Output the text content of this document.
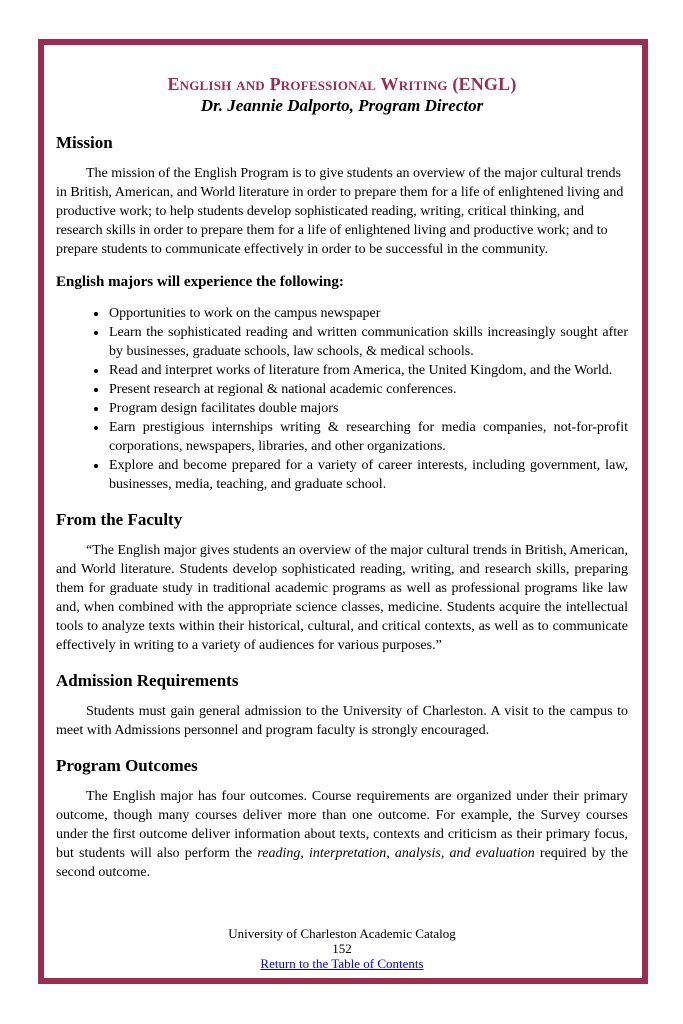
English and Professional Writing (ENGL)
Dr. Jeannie Dalporto, Program Director
Mission

The mission of the English Program is to give students an overview of the major cultural trends in British, American, and World literature in order to prepare them for a life of enlightened living and productive work; to help students develop sophisticated reading, writing, critical thinking, and research skills in order to prepare them for a life of enlightened living and productive work; and to prepare students to communicate effectively in order to be successful in the community.

English majors will experience the following:
• Opportunities to work on the campus newspaper
• Learn the sophisticated reading and written communication skills increasingly sought after by businesses, graduate schools, law schools, & medical schools.
• Read and interpret works of literature from America, the United Kingdom, and the World.
• Present research at regional & national academic conferences.
• Program design facilitates double majors
• Earn prestigious internships writing & researching for media companies, not-for-profit corporations, newspapers, libraries, and other organizations.
• Explore and become prepared for a variety of career interests, including government, law, businesses, media, teaching, and graduate school.
From the Faculty

“The English major gives students an overview of the major cultural trends in British, American, and World literature. Students develop sophisticated reading, writing, and research skills, preparing them for graduate study in traditional academic programs as well as professional programs like law and, when combined with the appropriate science classes, medicine. Students acquire the intellectual tools to analyze texts within their historical, cultural, and critical contexts, as well as to communicate effectively in writing to a variety of audiences for various purposes.”

Admission Requirements

Students must gain general admission to the University of Charleston. A visit to the campus to meet with Admissions personnel and program faculty is strongly encouraged.

Program Outcomes

The English major has four outcomes. Course requirements are organized under their primary outcome, though many courses deliver more than one outcome. For example, the Survey courses under the first outcome deliver information about texts, contexts and criticism as their primary focus, but students will also perform the reading, interpretation, analysis, and evaluation required by the second outcome.

University of Charleston Academic Catalog
152
Return to the Table of Contents
